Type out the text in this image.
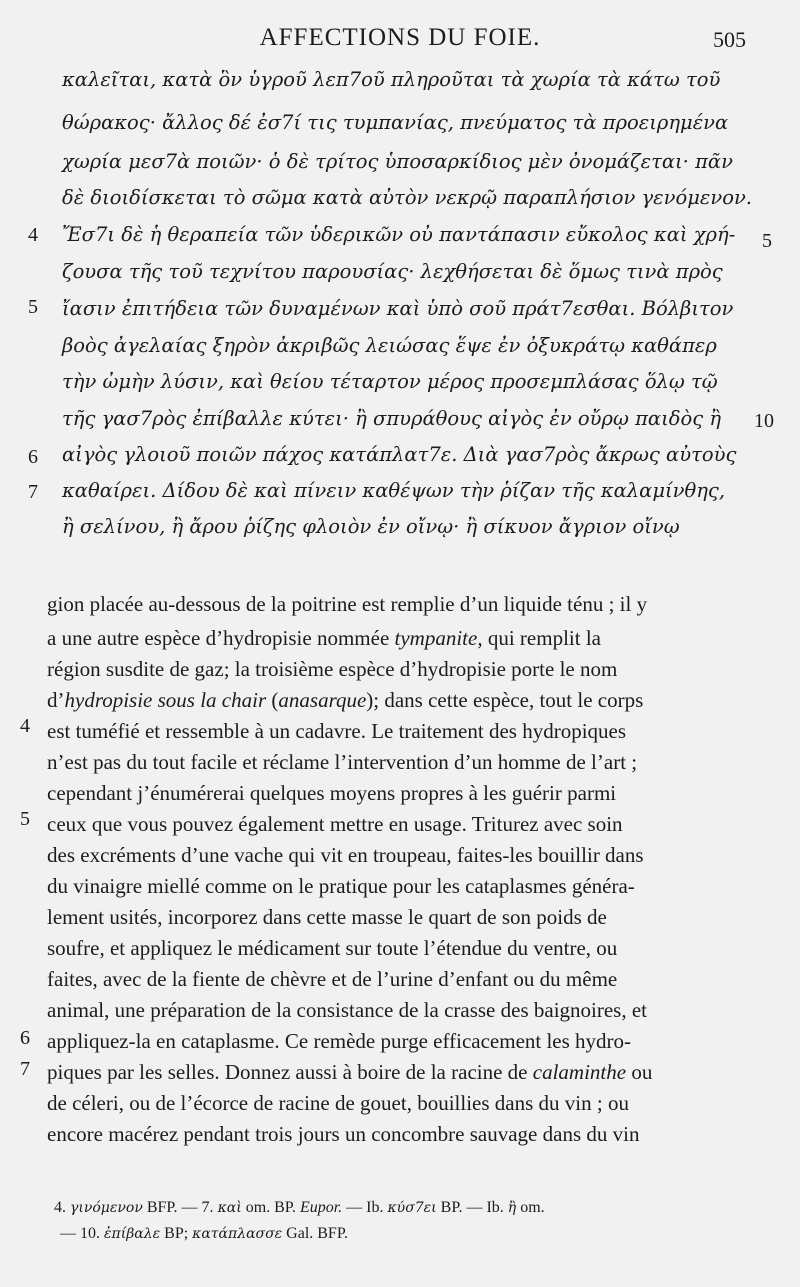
AFFECTIONS DU FOIE.	505
καλεῖται, κατὰ ὃν ὑγροῦ λεπ7οῦ πληροῦται τὰ χωρία τὰ κάτω τοῦ
θώρακος· ἄλλος δέ ἐσ7ί τις τυμπανίας, πνεύματος τὰ προειρημένα
χωρία μεσ7ὰ ποιῶν· ὁ δὲ τρίτος ὑποσαρκίδιος μὲν ὀνομάζεται· πᾶν
δὲ διοιδίσκεται τὸ σῶμα κατὰ αὐτὸν νεκρῷ παραπλήσιον γενόμενον.
Ἔσ7ι δὲ ἡ θεραπεία τῶν ὑδερικῶν οὐ παντάπασιν εὔκολος καὶ χρή-
ζουσα τῆς τοῦ τεχνίτου παρουσίας· λεχθήσεται δὲ ὅμως τινὰ πρὸς
ἴασιν ἐπιτήδεια τῶν δυναμένων καὶ ὑπὸ σοῦ πράτ7εσθαι. Βόλβιτον
βοὸς ἀγελαίας ξηρὸν ἀκριβῶς λειώσας ἕψε ἐν ὀξυκράτῳ καθάπερ
τὴν ὠμὴν λύσιν, καὶ θείου τέταρτον μέρος προσεμπλάσας ὅλῳ τῷ
τῆς γασ7ρὸς ἐπίβαλλε κύτει· ἢ σπυράθους αἰγὸς ἐν οὔρῳ παιδὸς ἢ
αἰγὸς γλοιοῦ ποιῶν πάχος κατάπλατ7ε. Διὰ γασ7ρὸς ἄκρως αὐτοὺς
καθαίρει. Δίδου δὲ καὶ πίνειν καθέψων τὴν ῥίζαν τῆς καλαμίνθης,
ἢ σελίνου, ἢ ἄρου ῥίζης φλοιὸν ἐν οἴνῳ· ἢ σίκυον ἄγριον οἴνῳ
4
5
6
7
5
10
gion placée au-dessous de la poitrine est remplie d’un liquide ténu ; il y
a une autre espèce d’hydropisie nommée tympanite, qui remplit la
région susdite de gaz; la troisième espèce d’hydropisie porte le nom
d’hydropisie sous la chair (anasarque); dans cette espèce, tout le corps
est tuméfié et ressemble à un cadavre. Le traitement des hydropiques
n’est pas du tout facile et réclame l’intervention d’un homme de l’art ;
cependant j’énumérerai quelques moyens propres à les guérir parmi
ceux que vous pouvez également mettre en usage. Triturez avec soin
des excréments d’une vache qui vit en troupeau, faites-les bouillir dans
du vinaigre miellé comme on le pratique pour les cataplasmes généra-
lement usités, incorporez dans cette masse le quart de son poids de
soufre, et appliquez le médicament sur toute l’étendue du ventre, ou
faites, avec de la fiente de chèvre et de l’urine d’enfant ou du même
animal, une préparation de la consistance de la crasse des baignoires, et
appliquez-la en cataplasme. Ce remède purge efficacement les hydro-
piques par les selles. Donnez aussi à boire de la racine de calaminthe ou
de céleri, ou de l’écorce de racine de gouet, bouillies dans du vin ; ou
encore macérez pendant trois jours un concombre sauvage dans du vin
4
5
6
7
4. γινόμενον BFP. — 7. καὶ om. BP. Eupor. — Ib. κύσ7ει BP. — Ib. ἢ om.
— 10. ἐπίβαλε BP; κατάπλασσε Gal. BFP.
